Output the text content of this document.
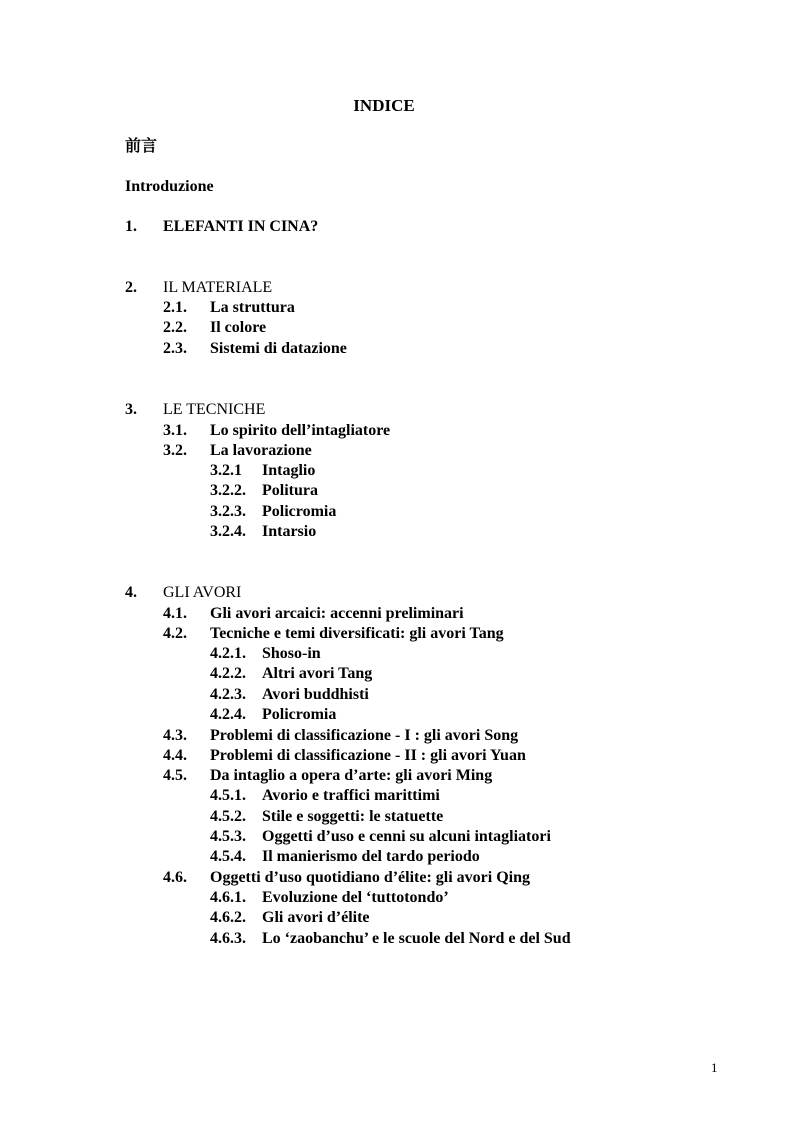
INDICE
前言
Introduzione
1. ELEFANTI IN CINA?
2. IL MATERIALE
2.1. La struttura
2.2. Il colore
2.3. Sistemi di datazione
3. LE TECNICHE
3.1. Lo spirito dell’intagliatore
3.2. La lavorazione
3.2.1 Intaglio
3.2.2. Politura
3.2.3. Policromia
3.2.4. Intarsio
4. GLI AVORI
4.1. Gli avori arcaici: accenni preliminari
4.2. Tecniche e temi diversificati: gli avori Tang
4.2.1. Shoso-in
4.2.2. Altri avori Tang
4.2.3. Avori buddhisti
4.2.4. Policromia
4.3. Problemi di classificazione - I : gli avori Song
4.4. Problemi di classificazione - II : gli avori Yuan
4.5. Da intaglio a opera d’arte: gli avori Ming
4.5.1. Avorio e traffici marittimi
4.5.2. Stile e soggetti: le statuette
4.5.3. Oggetti d’uso e cenni su alcuni intagliatori
4.5.4. Il manierismo del tardo periodo
4.6. Oggetti d’uso quotidiano d’élite: gli avori Qing
4.6.1. Evoluzione del ‘tuttotondo’
4.6.2. Gli avori d’élite
4.6.3. Lo ‘zaobanchu’ e le scuole del Nord e del Sud
1
